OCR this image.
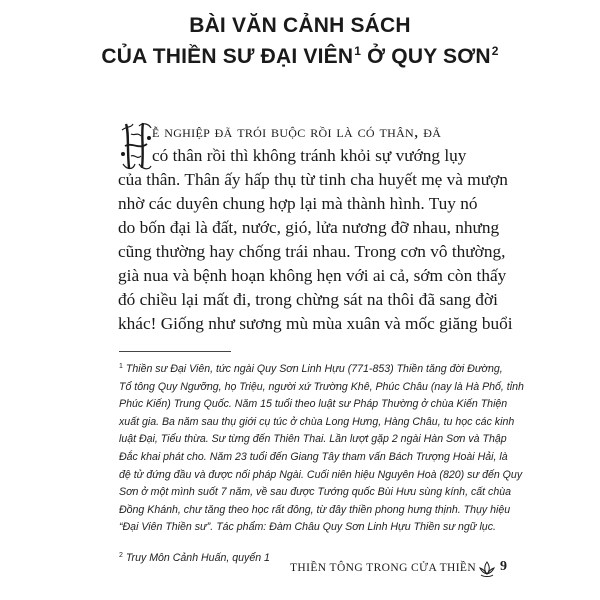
BÀI VĂN CẢNH SÁCH
CỦA THIỀN SƯ ĐẠI VIÊN$^1$ Ở QUY SƠN$^2$
ễ nghiệp đã trói buộc rồi là có thân, đã
có thân rồi thì không tránh khỏi sự vướng lụy
của thân. Thân ấy hấp thụ từ tinh cha huyết mẹ và mượn
nhờ các duyên chung hợp lại mà thành hình. Tuy nó
do bốn đại là đất, nước, gió, lửa nương đỡ nhau, nhưng
cũng thường hay chống trái nhau. Trong cơn vô thường,
già nua và bệnh hoạn không hẹn với ai cả, sớm còn thấy
đó chiều lại mất đi, trong chừng sát na thôi đã sang đời
khác! Giống như sương mù mùa xuân và mốc giăng buổi
$^1$ Thiền sư Đại Viên, tức ngài Quy Sơn Linh Hựu (771-853) Thiền tăng đời Đường,
Tổ tông Quy Ngưỡng, họ Triệu, người xứ Trường Khê, Phúc Châu (nay là Hà Phố, tỉnh
Phúc Kiến) Trung Quốc. Năm 15 tuổi theo luật sư Pháp Thường ở chùa Kiến Thiện
xuất gia. Ba năm sau thụ giới cụ túc ở chùa Long Hưng, Hàng Châu, tu học các kinh
luật Đại, Tiểu thừa. Sư từng đến Thiên Thai. Lần lượt gặp 2 ngài Hàn Sơn và Thập
Đắc khai phát cho. Năm 23 tuổi đến Giang Tây tham vấn Bách Trượng Hoài Hải, là
đệ tử đứng đầu và được nối pháp Ngài. Cuối niên hiệu Nguyên Hoà (820) sư đến Quy
Sơn ở một mình suốt 7 năm, về sau được Tướng quốc Bùi Hưu sùng kính, cất chùa
Đồng Khánh, chư tăng theo học rất đông, từ đây thiền phong hưng thịnh. Thụy hiệu
“Đại Viên Thiền sư”. Tác phẩm: Đàm Châu Quy Sơn Linh Hựu Thiền sư ngữ lục.
$^2$ Truy Môn Cảnh Huấn, quyển 1
THIỀN TÔNG TRONG CỬA THIỀN 9
